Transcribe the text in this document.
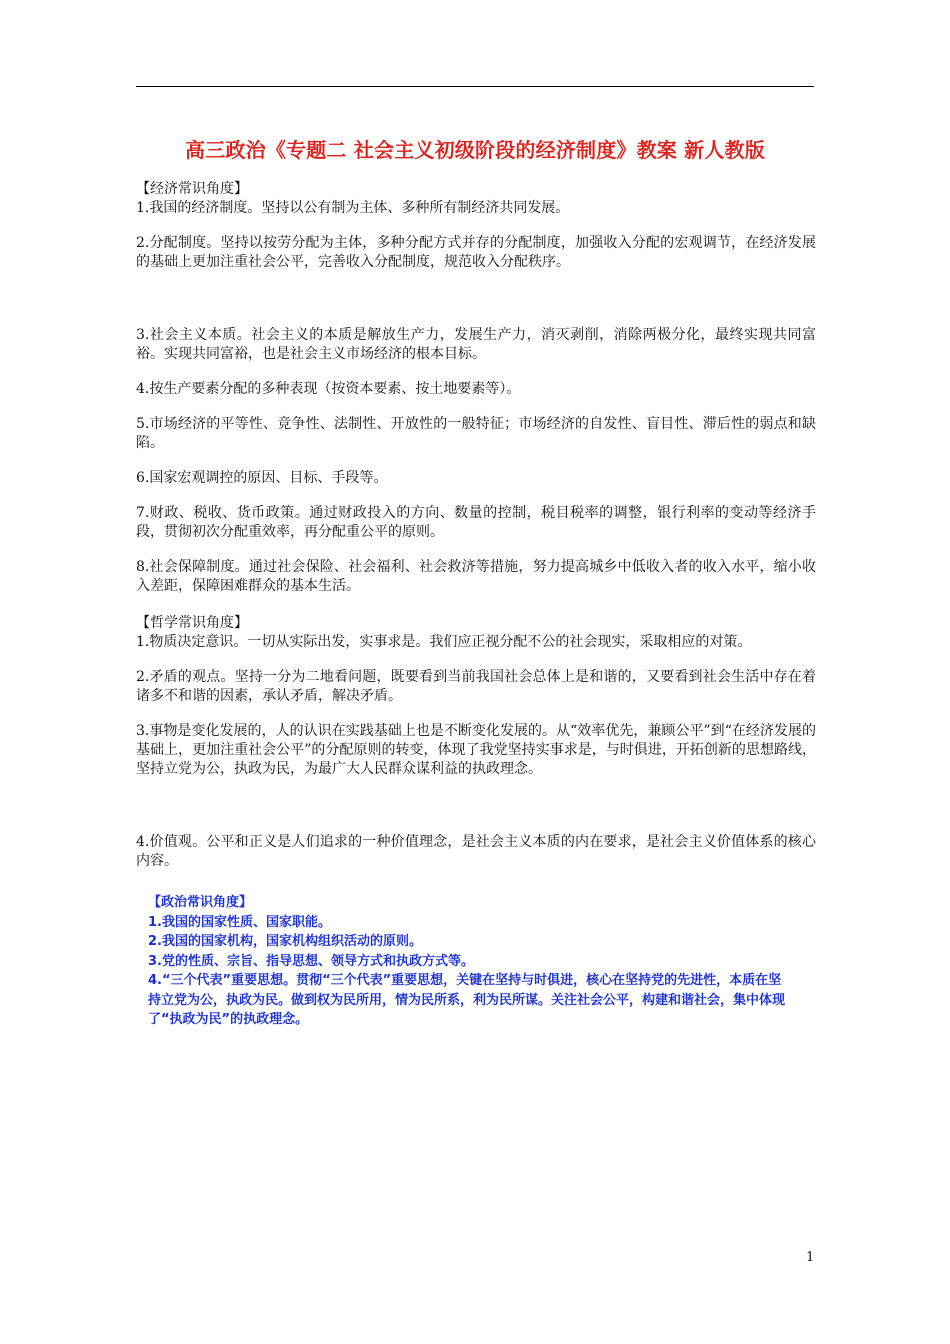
高三政治《专题二 社会主义初级阶段的经济制度》教案 新人教版

【经济常识角度】

1.我国的经济制度。坚持以公有制为主体、多种所有制经济共同发展。

2.分配制度。坚持以按劳分配为主体，多种分配方式并存的分配制度，加强收入分配的宏观调节，在经济发展的基础上更加注重社会公平，完善收入分配制度，规范收入分配秩序。

3.社会主义本质。社会主义的本质是解放生产力，发展生产力，消灭剥削，消除两极分化，最终实现共同富裕。实现共同富裕，也是社会主义市场经济的根本目标。

4.按生产要素分配的多种表现（按资本要素、按土地要素等）。

5.市场经济的平等性、竞争性、法制性、开放性的一般特征；市场经济的自发性、盲目性、滞后性的弱点和缺陷。

6.国家宏观调控的原因、目标、手段等。

7.财政、税收、货币政策。通过财政投入的方向、数量的控制，税目税率的调整，银行利率的变动等经济手段，贯彻初次分配重效率，再分配重公平的原则。

8.社会保障制度。通过社会保险、社会福利、社会救济等措施，努力提高城乡中低收入者的收入水平，缩小收入差距，保障困难群众的基本生活。

【哲学常识角度】

1.物质决定意识。一切从实际出发，实事求是。我们应正视分配不公的社会现实，采取相应的对策。

2.矛盾的观点。坚持一分为二地看问题，既要看到当前我国社会总体上是和谐的，又要看到社会生活中存在着诸多不和谐的因素，承认矛盾，解决矛盾。

3.事物是变化发展的，人的认识在实践基础上也是不断变化发展的。从“效率优先，兼顾公平”到“在经济发展的基础上，更加注重社会公平”的分配原则的转变，体现了我党坚持实事求是，与时俱进，开拓创新的思想路线，坚持立党为公，执政为民，为最广大人民群众谋利益的执政理念。

4.价值观。公平和正义是人们追求的一种价值理念，是社会主义本质的内在要求，是社会主义价值体系的核心内容。

【政治常识角度】

1.我国的国家性质、国家职能。

2.我国的国家机构，国家机构组织活动的原则。

3.党的性质、宗旨、指导思想、领导方式和执政方式等。

4.“三个代表”重要思想。贯彻“三个代表”重要思想，关键在坚持与时俱进，核心在坚持党的先进性，本质在坚持立党为公，执政为民。做到权为民所用，情为民所系，利为民所谋。关注社会公平，构建和谐社会，集中体现了“执政为民”的执政理念。

1
